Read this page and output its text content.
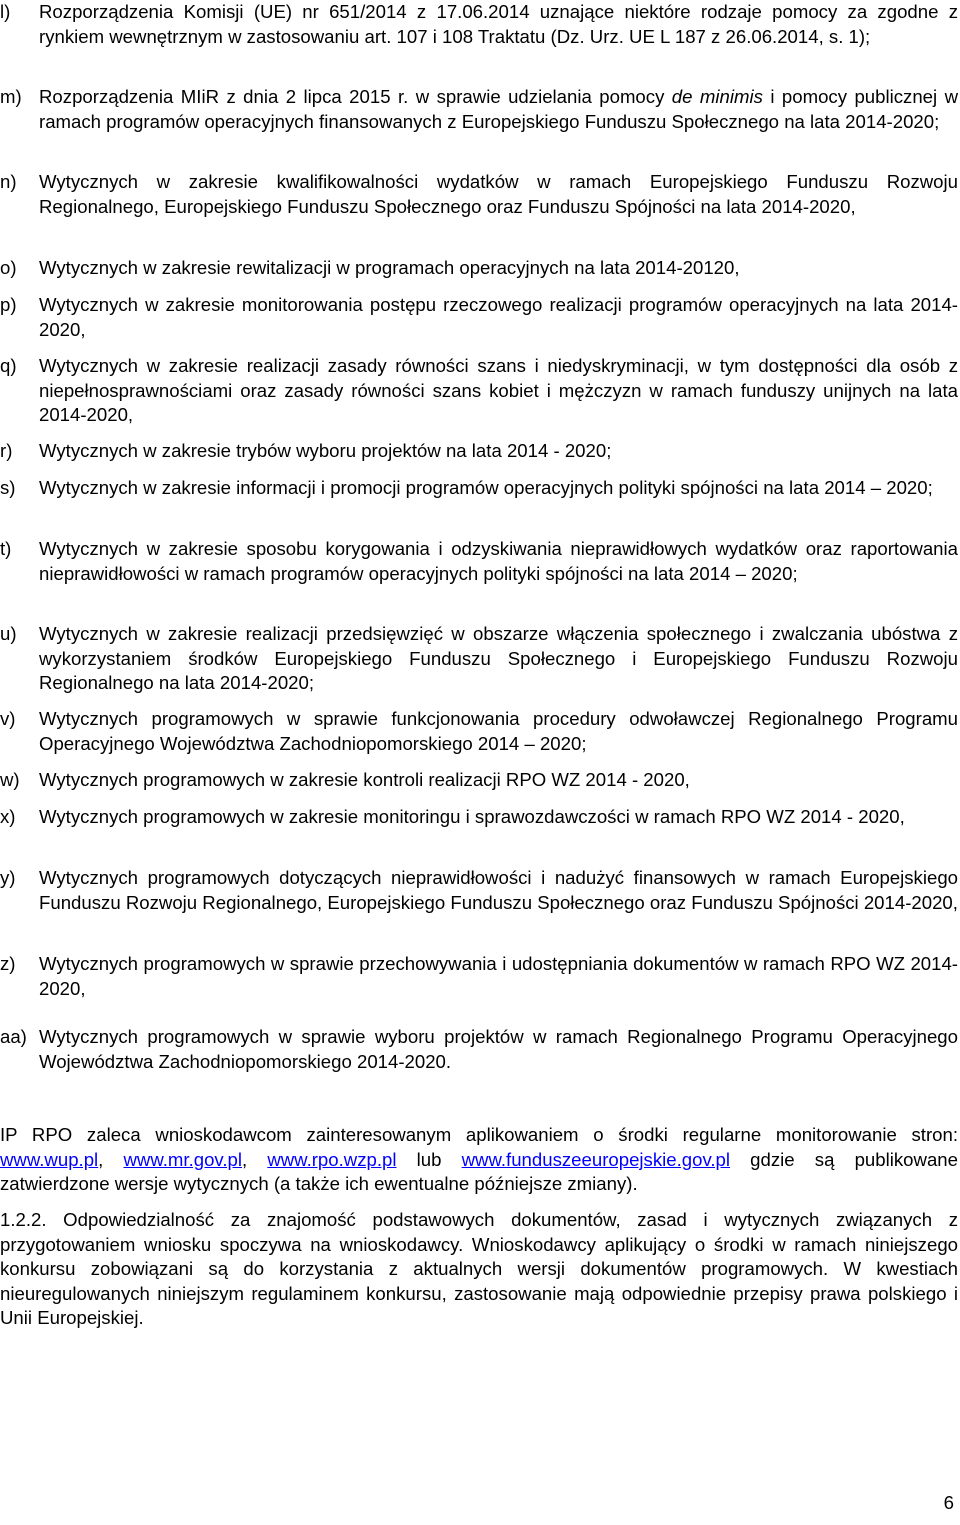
l) Rozporządzenia Komisji (UE) nr 651/2014 z 17.06.2014 uznające niektóre rodzaje pomocy za zgodne z rynkiem wewnętrznym w zastosowaniu art. 107 i 108 Traktatu (Dz. Urz. UE L 187 z 26.06.2014, s. 1);
m) Rozporządzenia MIiR z dnia 2 lipca 2015 r. w sprawie udzielania pomocy de minimis i pomocy publicznej w ramach programów operacyjnych finansowanych z Europejskiego Funduszu Społecznego na lata 2014-2020;
n) Wytycznych w zakresie kwalifikowalności wydatków w ramach Europejskiego Funduszu Rozwoju Regionalnego, Europejskiego Funduszu Społecznego oraz Funduszu Spójności na lata 2014-2020,
o) Wytycznych w zakresie rewitalizacji w programach operacyjnych na lata 2014-20120,
p) Wytycznych w zakresie monitorowania postępu rzeczowego realizacji programów operacyjnych na lata 2014-2020,
q) Wytycznych w zakresie realizacji zasady równości szans i niedyskryminacji, w tym dostępności dla osób z niepełnosprawnościami oraz zasady równości szans kobiet i mężczyzn w ramach funduszy unijnych na lata 2014-2020,
r) Wytycznych w zakresie trybów wyboru projektów na lata 2014 - 2020;
s) Wytycznych w zakresie informacji i promocji programów operacyjnych polityki spójności na lata 2014 – 2020;
t) Wytycznych w zakresie sposobu korygowania i odzyskiwania nieprawidłowych wydatków oraz raportowania nieprawidłowości w ramach programów operacyjnych polityki spójności na lata 2014 – 2020;
u) Wytycznych w zakresie realizacji przedsięwzięć w obszarze włączenia społecznego i zwalczania ubóstwa z wykorzystaniem środków Europejskiego Funduszu Społecznego i Europejskiego Funduszu Rozwoju Regionalnego na lata 2014-2020;
v) Wytycznych programowych w sprawie funkcjonowania procedury odwoławczej Regionalnego Programu Operacyjnego Województwa Zachodniopomorskiego 2014 – 2020;
w) Wytycznych programowych w zakresie kontroli realizacji RPO WZ 2014 - 2020,
x) Wytycznych programowych w zakresie monitoringu i sprawozdawczości w ramach RPO WZ 2014 - 2020,
y) Wytycznych programowych dotyczących nieprawidłowości i nadużyć finansowych w ramach Europejskiego Funduszu Rozwoju Regionalnego, Europejskiego Funduszu Społecznego oraz Funduszu Spójności 2014-2020,
z) Wytycznych programowych w sprawie przechowywania i udostępniania dokumentów w ramach RPO WZ 2014-2020,
aa) Wytycznych programowych w sprawie wyboru projektów w ramach Regionalnego Programu Operacyjnego Województwa Zachodniopomorskiego 2014-2020.
IP RPO zaleca wnioskodawcom zainteresowanym aplikowaniem o środki regularne monitorowanie stron: www.wup.pl, www.mr.gov.pl, www.rpo.wzp.pl lub www.funduszeeuropejskie.gov.pl gdzie są publikowane zatwierdzone wersje wytycznych (a także ich ewentualne późniejsze zmiany).
1.2.2. Odpowiedzialność za znajomość podstawowych dokumentów, zasad i wytycznych związanych z przygotowaniem wniosku spoczywa na wnioskodawcy. Wnioskodawcy aplikujący o środki w ramach niniejszego konkursu zobowiązani są do korzystania z aktualnych wersji dokumentów programowych. W kwestiach nieuregulowanych niniejszym regulaminem konkursu, zastosowanie mają odpowiednie przepisy prawa polskiego i Unii Europejskiej.
6
